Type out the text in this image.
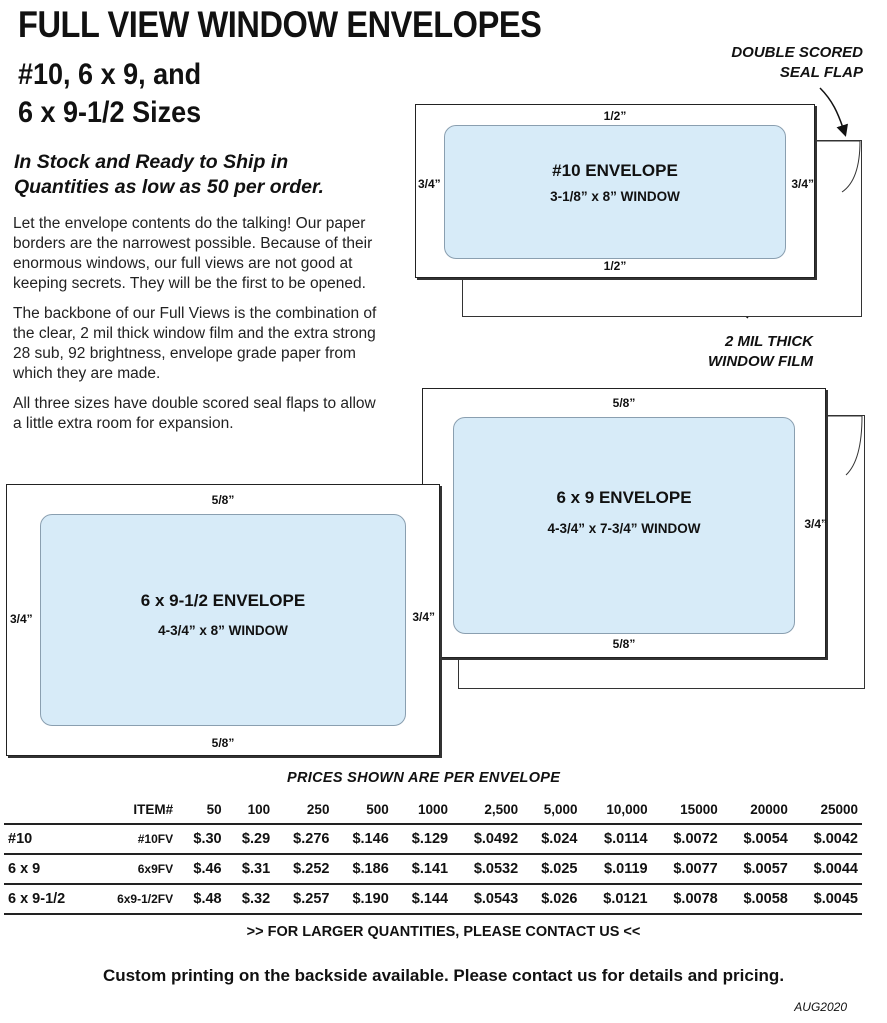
FULL VIEW WINDOW ENVELOPES
#10, 6 x 9, and
6 x 9-1/2 Sizes
In Stock and Ready to Ship in
Quantities as low as 50 per order.

Let the envelope contents do the talking! Our paper borders are the narrowest possible. Because of their enormous windows, our full views are not good at keeping secrets. They will be the first to be opened.

The backbone of our Full Views is the combination of the clear, 2 mil thick window film and the extra strong 28 sub, 92 brightness, envelope grade paper from which they are made.

All three sizes have double scored seal flaps to allow a little extra room for expansion.

DOUBLE SCORED
SEAL FLAP
2 MIL THICK
WINDOW FILM
1/2”
1/2”
3/4”	3/4”
#10 ENVELOPE
3-1/8” x 8” WINDOW
5/8”
5/8”
3/4”
6 x 9 ENVELOPE
4-3/4” x 7-3/4” WINDOW
5/8”
5/8”
3/4”	3/4”
6 x 9-1/2 ENVELOPE
4-3/4” x 8” WINDOW
PRICES SHOWN ARE PER ENVELOPE
	ITEM#	50	100	250	500	1000	2,500	5,000	10,000	15000	20000	25000
#10	#10FV	$.30	$.29	$.276	$.146	$.129	$.0492	$.024	$.0114	$.0072	$.0054	$.0042
6 x 9	6x9FV	$.46	$.31	$.252	$.186	$.141	$.0532	$.025	$.0119	$.0077	$.0057	$.0044
6 x 9-1/2	6x9-1/2FV	$.48	$.32	$.257	$.190	$.144	$.0543	$.026	$.0121	$.0078	$.0058	$.0045
>> FOR LARGER QUANTITIES, PLEASE CONTACT US <<
Custom printing on the backside available. Please contact us for details and pricing.
AUG2020
